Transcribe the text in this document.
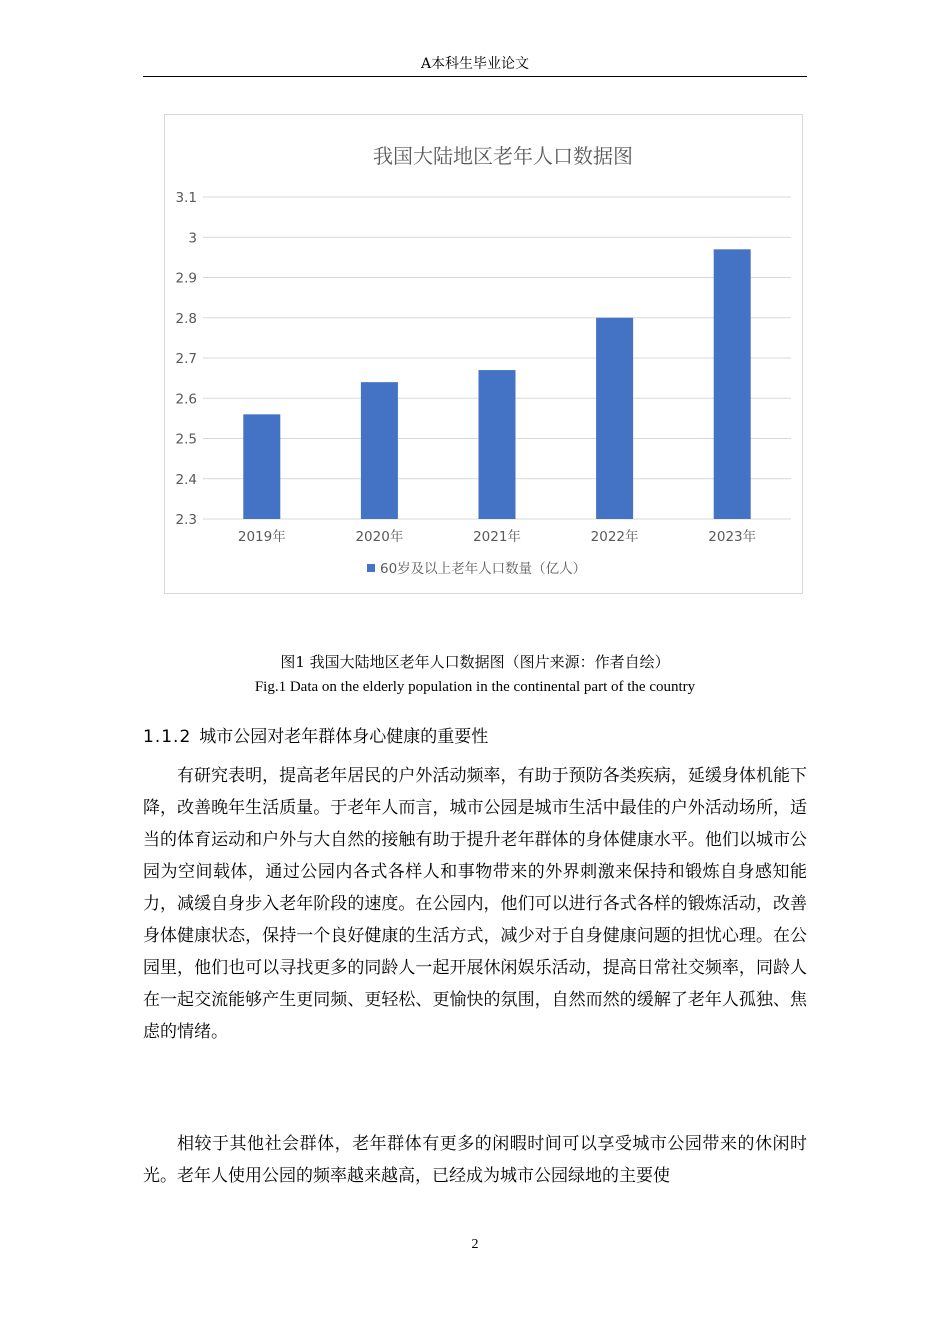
A本科生毕业论文
我国大陆地区老年人口数据图
2.3
2.4
2.5
2.6
2.7
2.8
2.9
3
3.1
2019年	2020年	2021年	2022年	2023年
60岁及以上老年人口数量（亿人）
图1 我国大陆地区老年人口数据图（图片来源：作者自绘）
Fig.1 Data on the elderly population in the continental part of the country
1.1.2 城市公园对老年群体身心健康的重要性

有研究表明，提高老年居民的户外活动频率，有助于预防各类疾病，延缓身体机能下降，改善晚年生活质量。于老年人而言，城市公园是城市生活中最佳的户外活动场所，适当的体育运动和户外与大自然的接触有助于提升老年群体的身体健康水平。他们以城市公园为空间载体，通过公园内各式各样人和事物带来的外界刺激来保持和锻炼自身感知能力，减缓自身步入老年阶段的速度。在公园内，他们可以进行各式各样的锻炼活动，改善身体健康状态，保持一个良好健康的生活方式，减少对于自身健康问题的担忧心理。在公园里，他们也可以寻找更多的同龄人一起开展休闲娱乐活动，提高日常社交频率，同龄人在一起交流能够产生更同频、更轻松、更愉快的氛围，自然而然的缓解了老年人孤独、焦虑的情绪。

相较于其他社会群体，老年群体有更多的闲暇时间可以享受城市公园带来的休闲时光。老年人使用公园的频率越来越高，已经成为城市公园绿地的主要使

2
